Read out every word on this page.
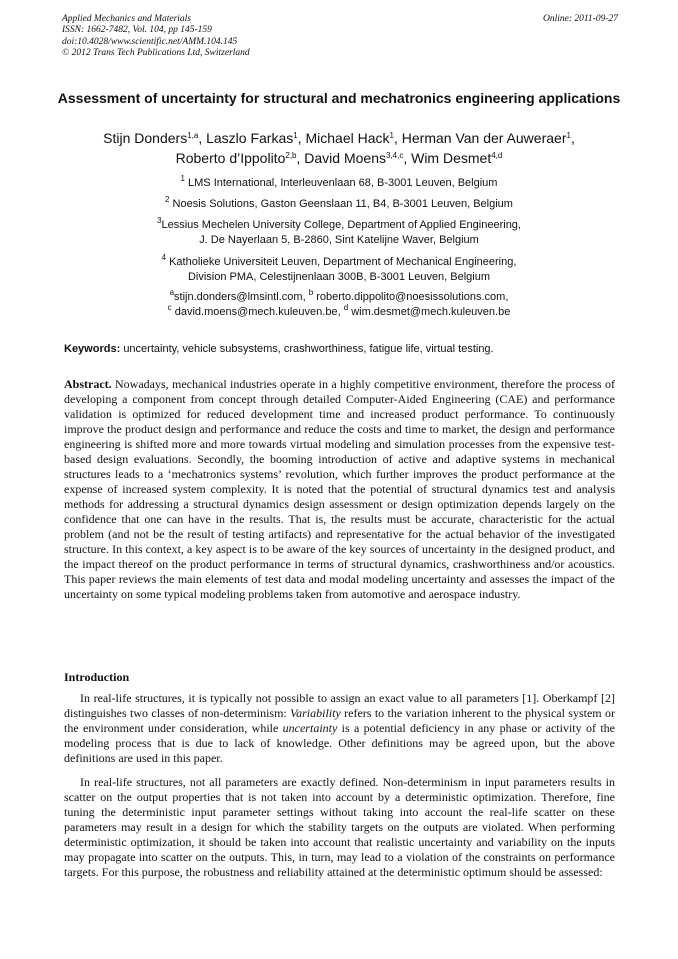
Applied Mechanics and Materials
ISSN: 1662-7482, Vol. 104, pp 145-159
doi:10.4028/www.scientific.net/AMM.104.145
© 2012 Trans Tech Publications Ltd, Switzerland
Online: 2011-09-27
Assessment of uncertainty for structural and mechatronics engineering applications
Stijn Donders$^{1,a}$, Laszlo Farkas$^1$, Michael Hack$^1$, Herman Van der Auweraer$^1$,
Roberto d’Ippolito$^{2,b}$, David Moens$^{3,4,c}$, Wim Desmet$^{4,d}$
$^1$ LMS International, Interleuvenlaan 68, B-3001 Leuven, Belgium
$^2$ Noesis Solutions, Gaston Geenslaan 11, B4, B-3001 Leuven, Belgium
$^3$Lessius Mechelen University College, Department of Applied Engineering,
J. De Nayerlaan 5, B-2860, Sint Katelijne Waver, Belgium
$^4$ Katholieke Universiteit Leuven, Department of Mechanical Engineering,
Division PMA, Celestijnenlaan 300B, B-3001 Leuven, Belgium
$^a$stijn.donders@lmsintl.com, $^b$ roberto.dippolito@noesissolutions.com,
$^c$ david.moens@mech.kuleuven.be, $^d$ wim.desmet@mech.kuleuven.be
Keywords: uncertainty, vehicle subsystems, crashworthiness, fatigue life, virtual testing.
Abstract. Nowadays, mechanical industries operate in a highly competitive environment, therefore the process of developing a component from concept through detailed Computer-Aided Engineering (CAE) and performance validation is optimized for reduced development time and increased product performance. To continuously improve the product design and performance and reduce the costs and time to market, the design and performance engineering is shifted more and more towards virtual modeling and simulation processes from the expensive test-based design evaluations. Secondly, the booming introduction of active and adaptive systems in mechanical structures leads to a ‘mechatronics systems’ revolution, which further improves the product performance at the expense of increased system complexity. It is noted that the potential of structural dynamics test and analysis methods for addressing a structural dynamics design assessment or design optimization depends largely on the confidence that one can have in the results. That is, the results must be accurate, characteristic for the actual problem (and not be the result of testing artifacts) and representative for the actual behavior of the investigated structure. In this context, a key aspect is to be aware of the key sources of uncertainty in the designed product, and the impact thereof on the product performance in terms of structural dynamics, crashworthiness and/or acoustics. This paper reviews the main elements of test data and modal modeling uncertainty and assesses the impact of the uncertainty on some typical modeling problems taken from automotive and aerospace industry.
Introduction
In real-life structures, it is typically not possible to assign an exact value to all parameters [1]. Oberkampf [2] distinguishes two classes of non-determinism: Variability refers to the variation inherent to the physical system or the environment under consideration, while uncertainty is a potential deficiency in any phase or activity of the modeling process that is due to lack of knowledge. Other definitions may be agreed upon, but the above definitions are used in this paper.
In real-life structures, not all parameters are exactly defined. Non-determinism in input parameters results in scatter on the output properties that is not taken into account by a deterministic optimization. Therefore, fine tuning the deterministic input parameter settings without taking into account the real-life scatter on these parameters may result in a design for which the stability targets on the outputs are violated. When performing deterministic optimization, it should be taken into account that realistic uncertainty and variability on the inputs may propagate into scatter on the outputs. This, in turn, may lead to a violation of the constraints on performance targets. For this purpose, the robustness and reliability attained at the deterministic optimum should be assessed:
